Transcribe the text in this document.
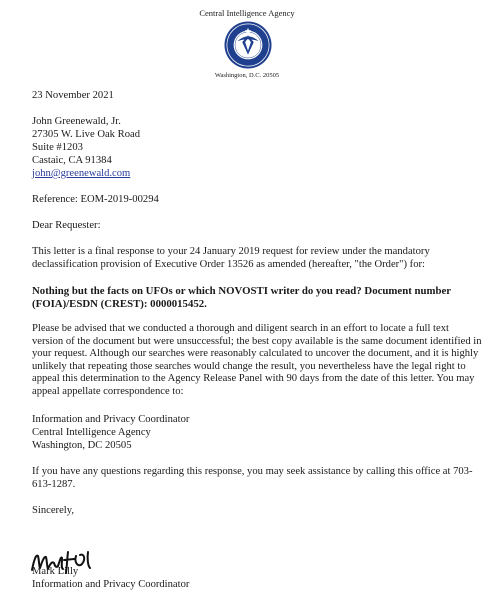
Central Intelligence Agency
Washington, D.C. 20505
23 November 2021
John Greenewald, Jr.
27305 W. Live Oak Road
Suite #1203
Castaic, CA 91384
john@greenewald.com
Reference: EOM-2019-00294
Dear Requester:
This letter is a final response to your 24 January 2019 request for review under the mandatory declassification provision of Executive Order 13526 as amended (hereafter, "the Order") for:
Nothing but the facts on UFOs or which NOVOSTI writer do you read? Document number (FOIA)/ESDN (CREST): 0000015452.
Please be advised that we conducted a thorough and diligent search in an effort to locate a full text version of the document but were unsuccessful; the best copy available is the same document identified in your request. Although our searches were reasonably calculated to uncover the document, and it is highly unlikely that repeating those searches would change the result, you nevertheless have the legal right to appeal this determination to the Agency Release Panel with 90 days from the date of this letter. You may appeal appellate correspondence to:
Information and Privacy Coordinator
Central Intelligence Agency
Washington, DC 20505
If you have any questions regarding this response, you may seek assistance by calling this office at 703-613-1287.
Sincerely,
Mark Lilly
Information and Privacy Coordinator
